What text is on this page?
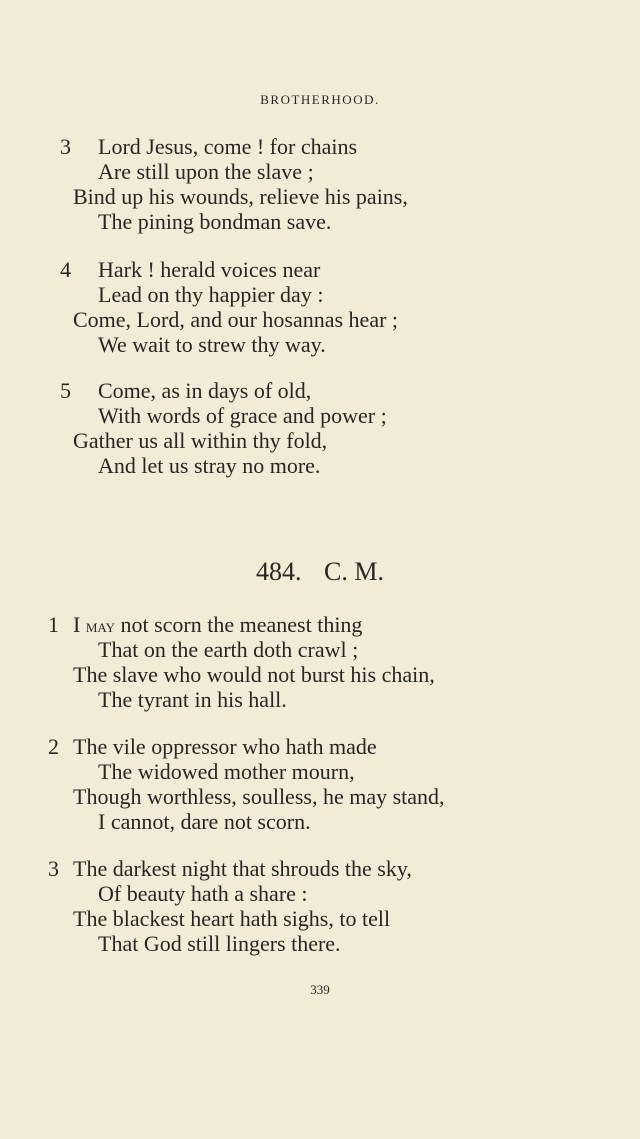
BROTHERHOOD.
3 Lord Jesus, come ! for chains
Are still upon the slave ;
Bind up his wounds, relieve his pains,
The pining bondman save.
4 Hark ! herald voices near
Lead on thy happier day :
Come, Lord, and our hosannas hear ;
We wait to strew thy way.
5 Come, as in days of old,
With words of grace and power ;
Gather us all within thy fold,
And let us stray no more.
484. C. M.
1 I may not scorn the meanest thing
That on the earth doth crawl ;
The slave who would not burst his chain,
The tyrant in his hall.
2 The vile oppressor who hath made
The widowed mother mourn,
Though worthless, soulless, he may stand,
I cannot, dare not scorn.
3 The darkest night that shrouds the sky,
Of beauty hath a share :
The blackest heart hath sighs, to tell
That God still lingers there.
339
